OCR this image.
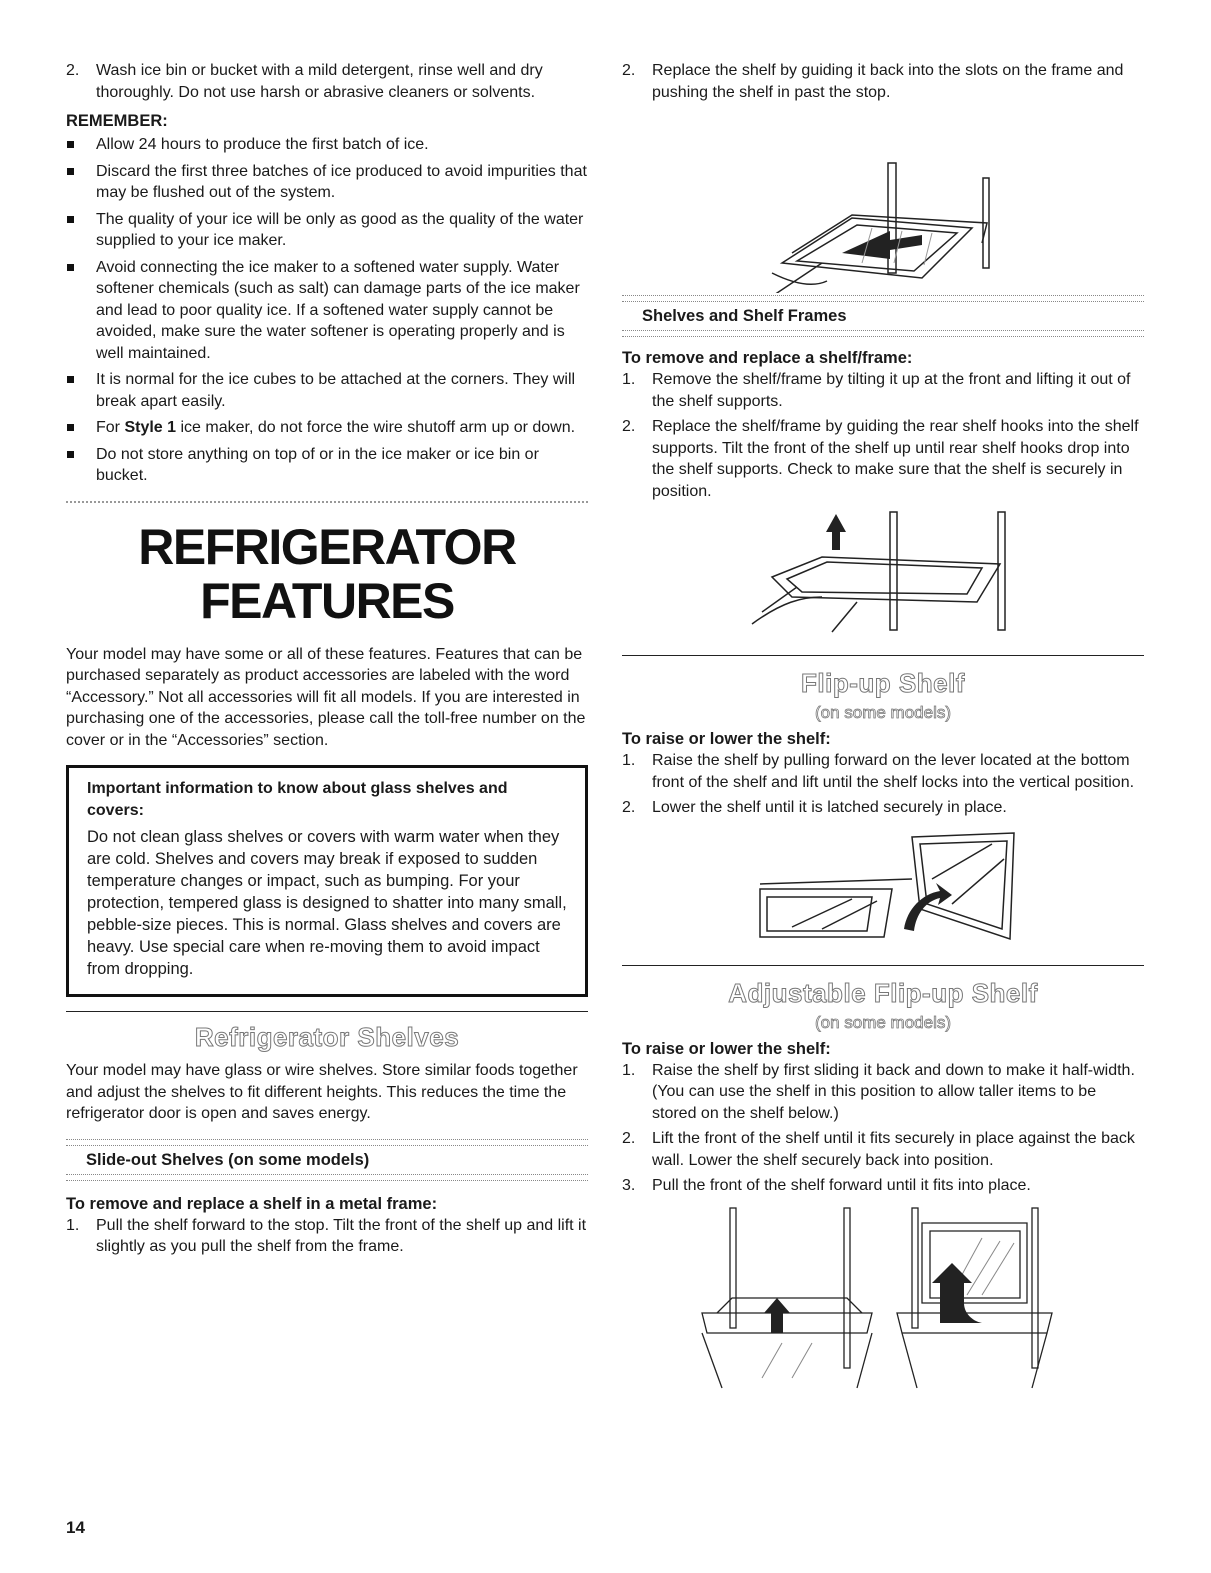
2.	Wash ice bin or bucket with a mild detergent, rinse well and dry thoroughly. Do not use harsh or abrasive cleaners or solvents.

REMEMBER:

Allow 24 hours to produce the first batch of ice.
Discard the first three batches of ice produced to avoid impurities that may be flushed out of the system.
The quality of your ice will be only as good as the quality of the water supplied to your ice maker.
Avoid connecting the ice maker to a softened water supply. Water softener chemicals (such as salt) can damage parts of the ice maker and lead to poor quality ice. If a softened water supply cannot be avoided, make sure the water softener is operating properly and is well maintained.
It is normal for the ice cubes to be attached at the corners. They will break apart easily.
For Style 1 ice maker, do not force the wire shutoff arm up or down.
Do not store anything on top of or in the ice maker or ice bin or bucket.
REFRIGERATOR
FEATURES

Your model may have some or all of these features. Features that can be purchased separately as product accessories are labeled with the word “Accessory.” Not all accessories will fit all models. If you are interested in purchasing one of the accessories, please call the toll-free number on the cover or in the “Accessories” section.

Important information to know about glass shelves and covers:

Do not clean glass shelves or covers with warm water when they are cold. Shelves and covers may break if exposed to sudden temperature changes or impact, such as bumping. For your protection, tempered glass is designed to shatter into many small, pebble-size pieces. This is normal. Glass shelves and covers are heavy. Use special care when re-moving them to avoid impact from dropping.

Refrigerator Shelves

Your model may have glass or wire shelves. Store similar foods together and adjust the shelves to fit different heights. This reduces the time the refrigerator door is open and saves energy.

Slide-out Shelves (on some models)

To remove and replace a shelf in a metal frame:

1.	Pull the shelf forward to the stop. Tilt the front of the shelf up and lift it slightly as you pull the shelf from the frame.
2.	Replace the shelf by guiding it back into the slots on the frame and pushing the shelf in past the stop.

Shelves and Shelf Frames

To remove and replace a shelf/frame:

1.	Remove the shelf/frame by tilting it up at the front and lifting it out of the shelf supports.
2.	Replace the shelf/frame by guiding the rear shelf hooks into the shelf supports. Tilt the front of the shelf up until rear shelf hooks drop into the shelf supports. Check to make sure that the shelf is securely in position.

Flip-up Shelf

(on some models)

To raise or lower the shelf:

1.	Raise the shelf by pulling forward on the lever located at the bottom front of the shelf and lift until the shelf locks into the vertical position.
2.	Lower the shelf until it is latched securely in place.

Adjustable Flip-up Shelf

(on some models)

To raise or lower the shelf:

1.	Raise the shelf by first sliding it back and down to make it half-width. (You can use the shelf in this position to allow taller items to be stored on the shelf below.)
2.	Lift the front of the shelf until it fits securely in place against the back wall. Lower the shelf securely back into position.
3.	Pull the front of the shelf forward until it fits into place.
14
